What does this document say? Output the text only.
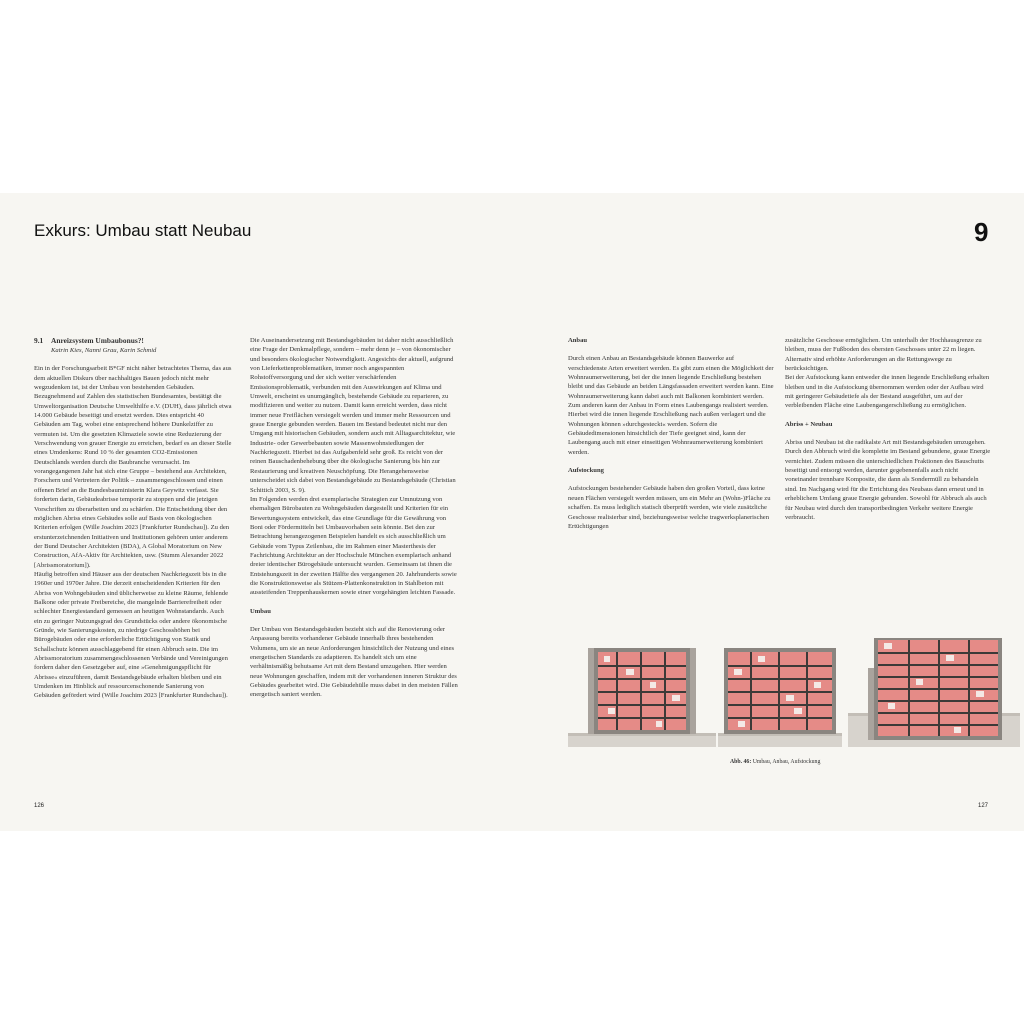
Exkurs: Umbau statt Neubau	9
9.1	Anreizsystem Umbaubonus?!

Katrin Kies, Nanni Grau, Karin Schmid

Ein in der Forschungsarbeit B*GF nicht näher betrachtetes Thema, das aus dem aktuellen Diskurs über nachhaltiges Bauen jedoch nicht mehr wegzudenken ist, ist der Umbau von bestehenden Gebäuden.

Bezugnehmend auf Zahlen des statistischen Bundesamtes, bestätigt die Umweltorganisation Deutsche Umwelthilfe e.V. (DUH), dass jährlich etwa 14.000 Gebäude beseitigt und ersetzt werden. Dies entspricht 40 Gebäuden am Tag, wobei eine entsprechend höhere Dunkelziffer zu vermuten ist. Um die gesetzten Klimaziele sowie eine Reduzierung der Verschwendung von grauer Energie zu erreichen, bedarf es an dieser Stelle eines Umdenkens: Rund 10 % der gesamten CO2-Emissionen Deutschlands werden durch die Baubranche verursacht. Im vorangegangenen Jahr hat sich eine Gruppe – bestehend aus Architekten, Forschern und Vertretern der Politik – zusammengeschlossen und einen offenen Brief an die Bundesbauministerin Klara Geywitz verfasst. Sie forderten darin, Gebäudeabrisse temporär zu stoppen und die jetzigen Vorschriften zu überarbeiten und zu schärfen. Die Entscheidung über den möglichen Abriss eines Gebäudes solle auf Basis von ökologischen Kriterien erfolgen (Wille Joachim 2023 [Frankfurter Rundschau]). Zu den erstunterzeichnenden Initiativen und Institutionen gehören unter anderem der Bund Deutscher Architekten (BDA), A Global Moratorium on New Construction, AfA-Aktiv für Architekten, usw. (Stumm Alexander 2022 [Abrissmoratorium]).

Häufig betroffen sind Häuser aus der deutschen Nachkriegszeit bis in die 1960er und 1970er Jahre. Die derzeit entscheidenden Kriterien für den Abriss von Wohngebäuden sind üblicherweise zu kleine Räume, fehlende Balkone oder private Freibereiche, die mangelnde Barrierefreiheit oder schlechter Energiestandard gemessen an heutigen Wohnstandards. Auch ein zu geringer Nutzungsgrad des Grundstücks oder andere ökonomische Gründe, wie Sanierungskosten, zu niedrige Geschosshöhen bei Bürogebäuden oder eine erforderliche Ertüchtigung von Statik und Schallschutz können ausschlaggebend für einen Abbruch sein. Die im Abrissmoratorium zusammengeschlossenen Verbände und Vereinigungen fordern daher den Gesetzgeber auf, eine »Genehmigungspflicht für Abrisse« einzuführen, damit Bestandsgebäude erhalten bleiben und ein Umdenken im Hinblick auf ressourcenschonende Sanierung von Gebäuden gefördert wird (Wille Joachim 2023 [Frankfurter Rundschau]).

Die Auseinandersetzung mit Bestandsgebäuden ist daher nicht ausschließlich eine Frage der Denkmalpflege, sondern – mehr denn je – von ökonomischer und besonders ökologischer Notwendigkeit. Angesichts der aktuell, aufgrund von Lieferkettenproblematiken, immer noch angespannten Rohstoffversorgung und der sich weiter verschärfenden Emissionsproblematik, verbunden mit den Auswirkungen auf Klima und Umwelt, erscheint es unumgänglich, bestehende Gebäude zu reparieren, zu modifizieren und weiter zu nutzen. Damit kann erreicht werden, dass nicht immer neue Freiflächen versiegelt werden und immer mehr Ressourcen und graue Energie gebunden werden. Bauen im Bestand bedeutet nicht nur den Umgang mit historischen Gebäuden, sondern auch mit Alltagsarchitektur, wie Industrie- oder Gewerbebauten sowie Massenwohnsiedlungen der Nachkriegszeit. Hierbei ist das Aufgabenfeld sehr groß. Es reicht von der reinen Bauschadenbehebung über die ökologische Sanierung bis hin zur Restaurierung und kreativen Neuschöpfung. Die Herangehensweise unterscheidet sich dabei von Bestandsgebäude zu Bestandsgebäude (Christian Schittich 2003, S. 9).

Im Folgenden werden drei exemplarische Strategien zur Umnutzung von ehemaligen Bürobauten zu Wohngebäuden dargestellt und Kriterien für ein Bewertungssystem entwickelt, das eine Grundlage für die Gewährung von Boni oder Fördermitteln bei Umbauvorhaben sein könnte. Bei den zur Betrachtung herangezogenen Beispielen handelt es sich ausschließlich um Gebäude vom Typus Zeilenbau, die im Rahmen einer Masterthesis der Fachrichtung Architektur an der Hochschule München exemplarisch anhand dreier identischer Bürogebäude untersucht wurden. Gemeinsam ist ihnen die Entstehungszeit in der zweiten Hälfte des vergangenen 20. Jahrhunderts sowie die Konstruktionsweise als Stützen-Plattenkonstruktion in Stahlbeton mit aussteifenden Treppenhauskernen sowie einer vorgehängten leichten Fassade.

Umbau

Der Umbau von Bestandsgebäuden bezieht sich auf die Renovierung oder Anpassung bereits vorhandener Gebäude innerhalb ihres bestehenden Volumens, um sie an neue Anforderungen hinsichtlich der Nutzung und eines energetischen Standards zu adaptieren. Es handelt sich um eine verhältnismäßig behutsame Art mit dem Bestand umzugehen. Hier werden neue Wohnungen geschaffen, indem mit der vorhandenen inneren Struktur des Gebäudes gearbeitet wird. Die Gebäudehülle muss dabei in den meisten Fällen energetisch saniert werden.

Anbau

Durch einen Anbau an Bestandsgebäude können Bauwerke auf verschiedenste Arten erweitert werden. Es gibt zum einen die Möglichkeit der Wohnraumerweiterung, bei der die innen liegende Erschließung bestehen bleibt und das Gebäude an beiden Längsfassaden erweitert werden kann. Eine Wohnraumerweiterung kann dabei auch mit Balkonen kombiniert werden. Zum anderen kann der Anbau in Form eines Laubengangs realisiert werden. Hierbei wird die innen liegende Erschließung nach außen verlagert und die Wohnungen können »durchgesteckt« werden. Sofern die Gebäudedimensionen hinsichtlich der Tiefe geeignet sind, kann der Laubengang auch mit einer einseitigen Wohnraumerweiterung kombiniert werden.

Aufstockung

Aufstockungen bestehender Gebäude haben den großen Vorteil, dass keine neuen Flächen versiegelt werden müssen, um ein Mehr an (Wohn-)Fläche zu schaffen. Es muss lediglich statisch überprüft werden, wie viele zusätzliche Geschosse realisierbar sind, beziehungsweise welche tragwerksplanerischen Ertüchtigungen

zusätzliche Geschosse ermöglichen. Um unterhalb der Hochhausgrenze zu bleiben, muss der Fußboden des obersten Geschosses unter 22 m liegen. Alternativ sind erhöhte Anforderungen an die Rettungswege zu berücksichtigen.

Bei der Aufstockung kann entweder die innen liegende Erschließung erhalten bleiben und in die Aufstockung übernommen werden oder der Aufbau wird mit geringerer Gebäudetiefe als der Bestand ausgeführt, um auf der verbleibenden Fläche eine Laubengangerschließung zu ermöglichen.

Abriss + Neubau

Abriss und Neubau ist die radikalste Art mit Bestandsgebäuden umzugehen. Durch den Abbruch wird die komplette im Bestand gebundene, graue Energie vernichtet. Zudem müssen die unterschiedlichen Fraktionen des Bauschutts beseitigt und entsorgt werden, darunter gegebenenfalls auch nicht voneinander trennbare Komposite, die dann als Sondermüll zu behandeln sind. Im Nachgang wird für die Errichtung des Neubaus dann erneut und in erheblichem Umfang graue Energie gebunden. Sowohl für Abbruch als auch für Neubau wird durch den transportbedingten Verkehr weitere Energie verbraucht.

Abb. 46: Umbau, Anbau, Aufstockung
126	127
